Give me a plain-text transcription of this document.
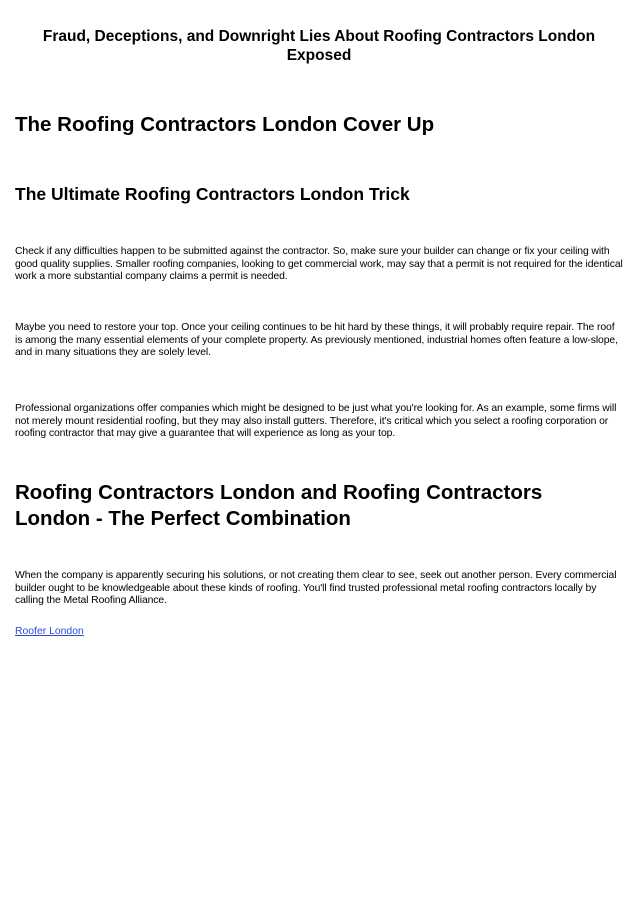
Fraud, Deceptions, and Downright Lies About Roofing Contractors London Exposed
The Roofing Contractors London Cover Up
The Ultimate Roofing Contractors London Trick

Check if any difficulties happen to be submitted against the contractor. So, make sure your builder can change or fix your ceiling with good quality supplies. Smaller roofing companies, looking to get commercial work, may say that a permit is not required for the identical work a more substantial company claims a permit is needed.

Maybe you need to restore your top. Once your ceiling continues to be hit hard by these things, it will probably require repair. The roof is among the many essential elements of your complete property. As previously mentioned, industrial homes often feature a low-slope, and in many situations they are solely level.

Professional organizations offer companies which might be designed to be just what you're looking for. As an example, some firms will not merely mount residential roofing, but they may also install gutters. Therefore, it's critical which you select a roofing corporation or roofing contractor that may give a guarantee that will experience as long as your top.

Roofing Contractors London and Roofing Contractors London - The Perfect Combination

When the company is apparently securing his solutions, or not creating them clear to see, seek out another person. Every commercial builder ought to be knowledgeable about these kinds of roofing. You'll find trusted professional metal roofing contractors locally by calling the Metal Roofing Alliance.

Roofer London
